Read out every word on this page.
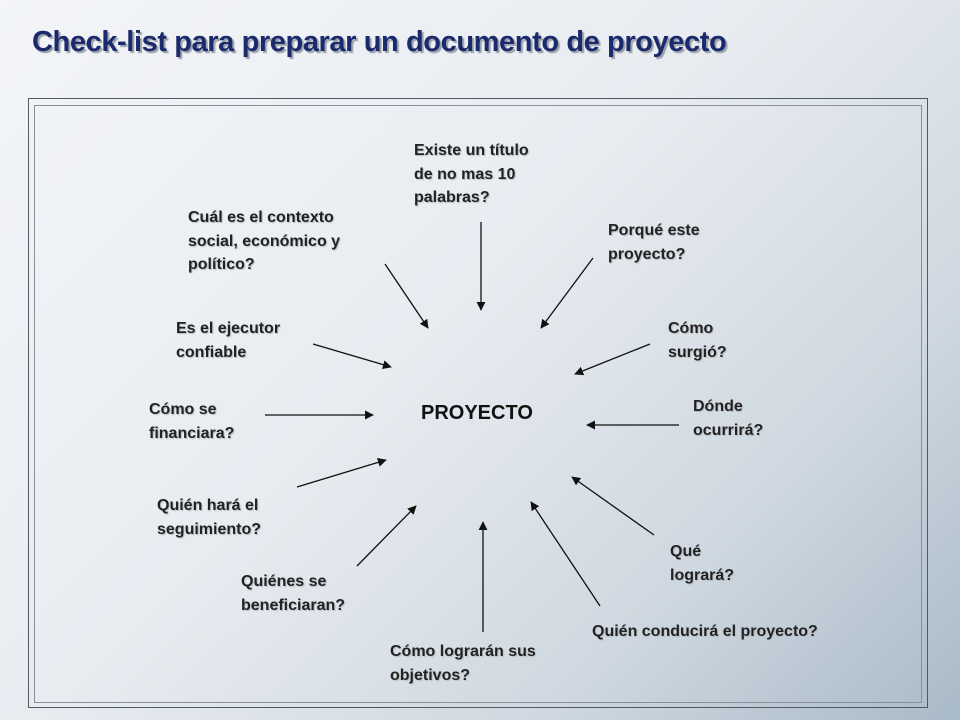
Check-list para preparar un documento de proyecto
PROYECTO
Existe un título
de no mas 10
palabras?
Porqué este
proyecto?
Cómo
surgió?
Dónde
ocurrirá?
Qué
logrará?
Quién conducirá el proyecto?
Cómo lograrán sus
objetivos?
Quiénes se
beneficiaran?
Quién hará el
seguimiento?
Cómo se
financiara?
Es el ejecutor
confiable
Cuál es el contexto
social, económico y
político?
